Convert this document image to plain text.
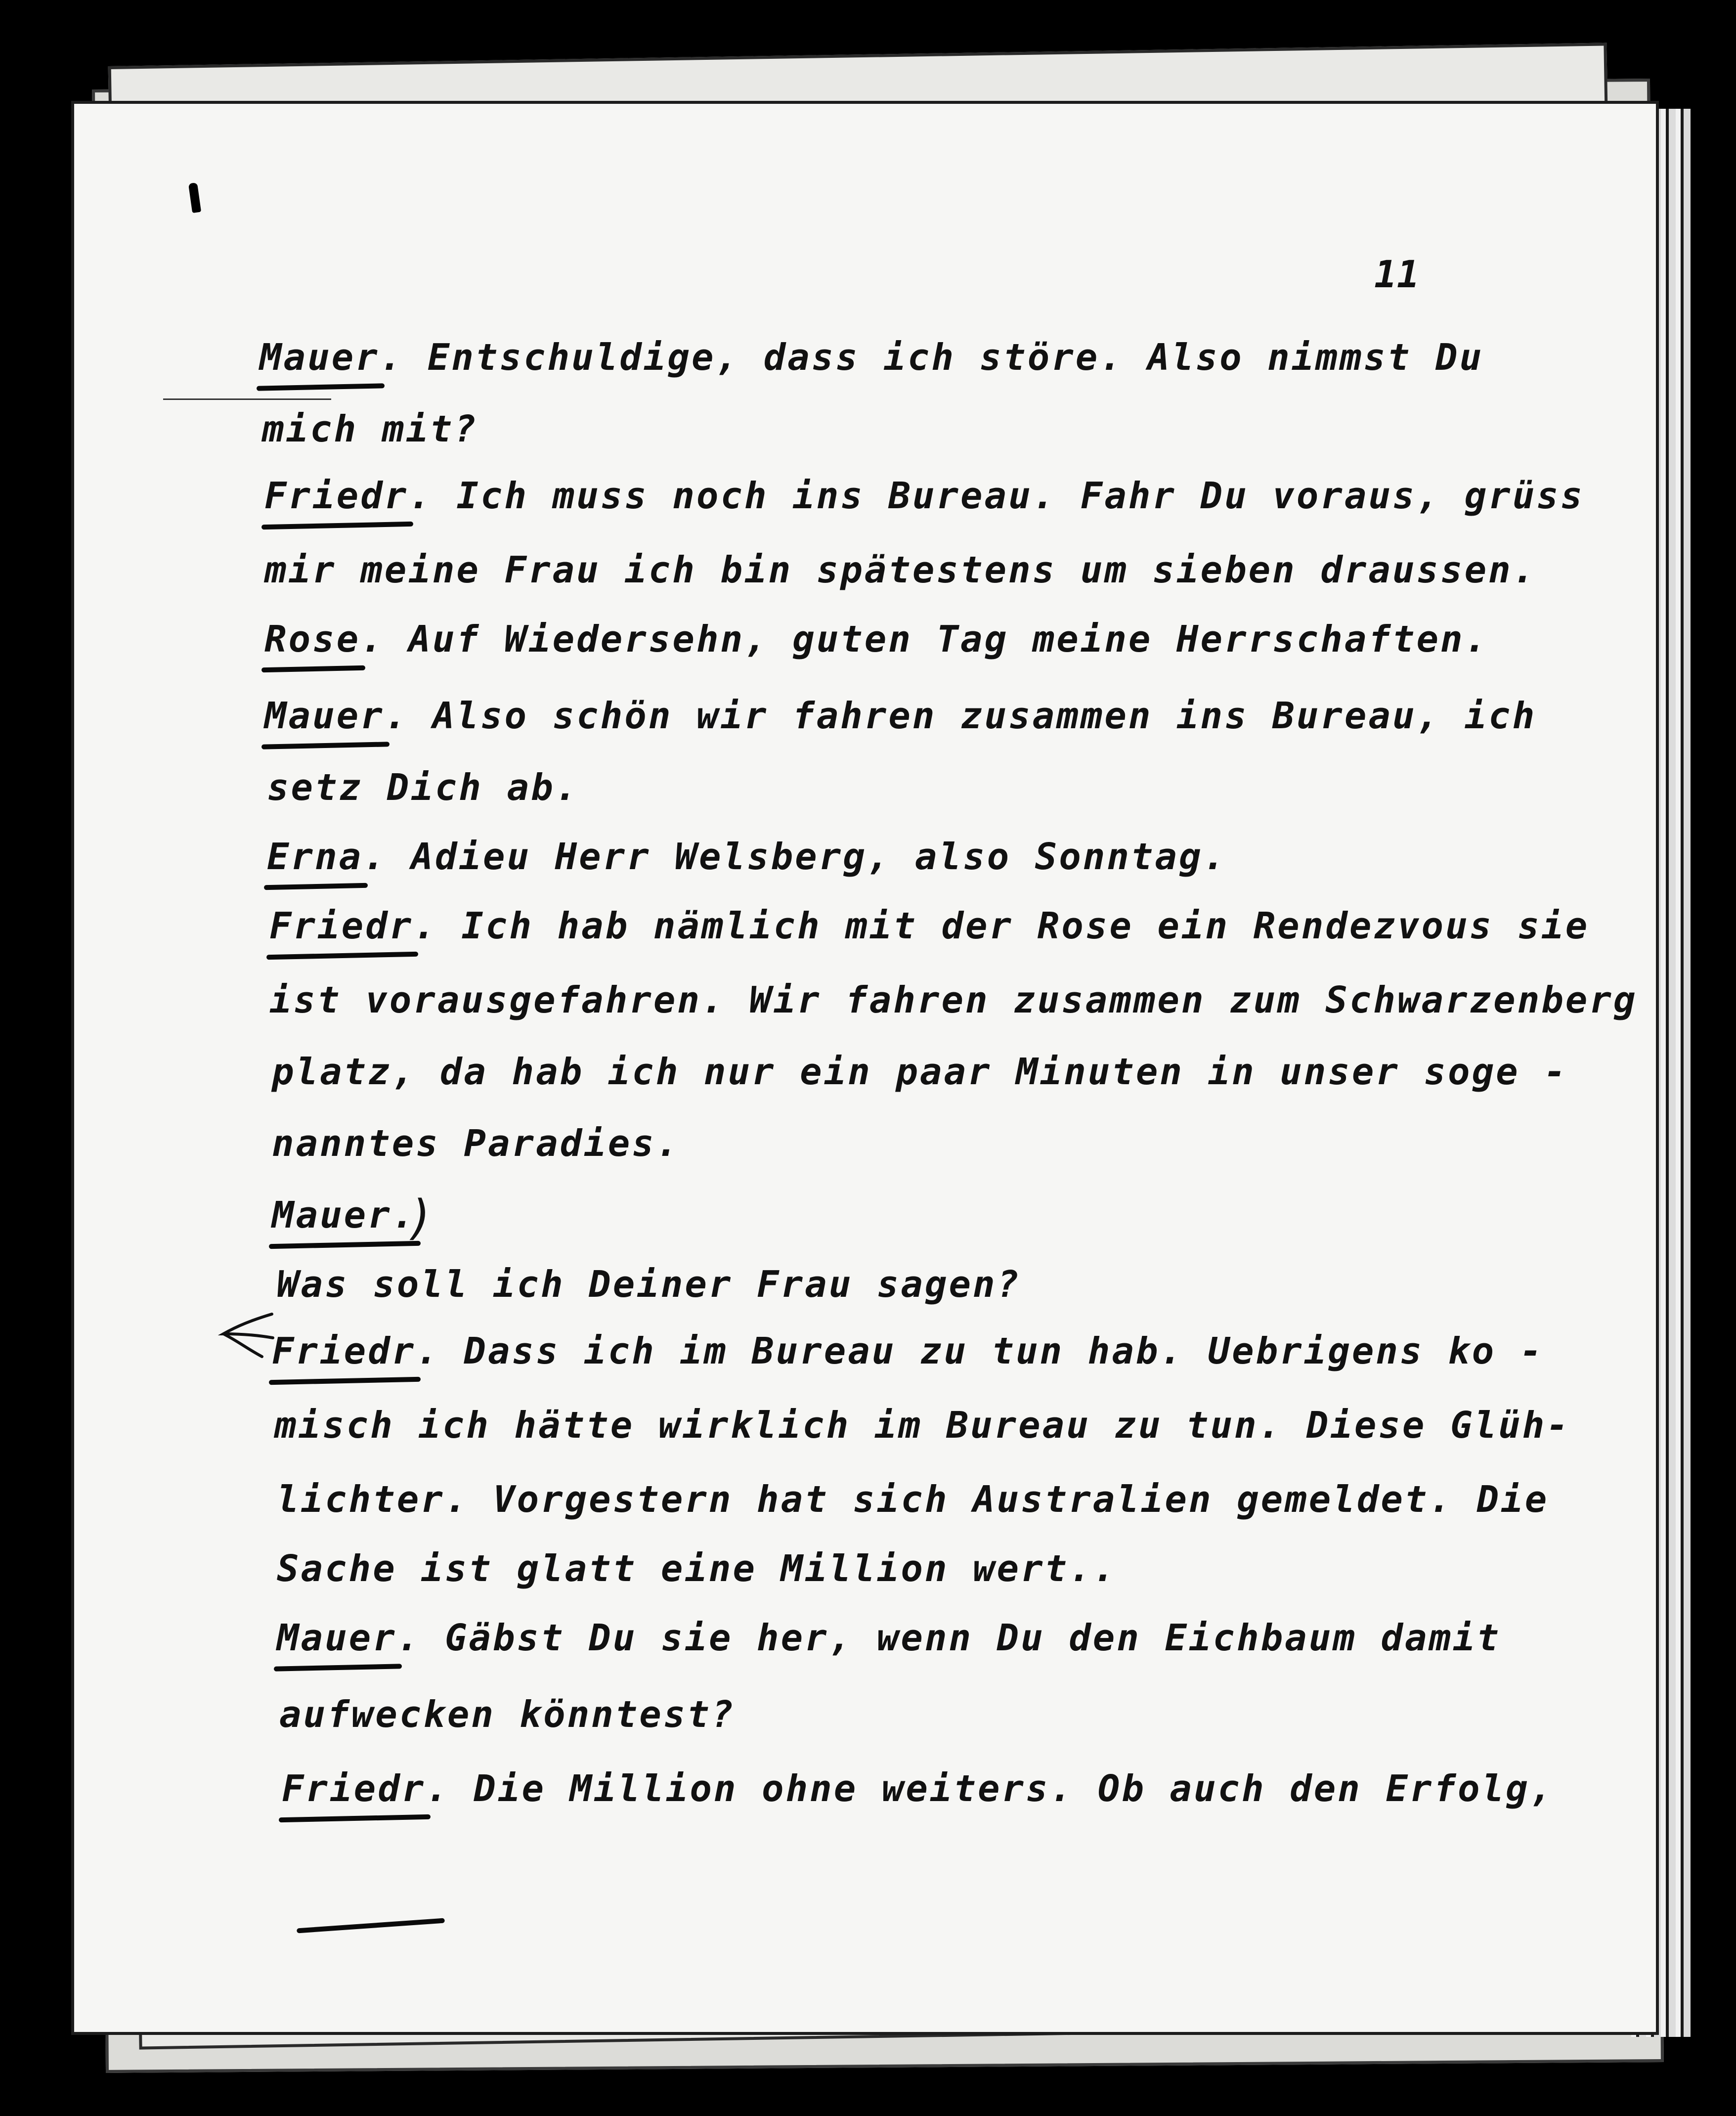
11
Mauer. Entschuldige, dass ich störe. Also nimmst Du
mich mit?
Friedr. Ich muss noch ins Bureau. Fahr Du voraus, grüss
mir meine Frau ich bin spätestens um sieben draussen.
Rose. Auf Wiedersehn, guten Tag meine Herrschaften.
Mauer. Also schön wir fahren zusammen ins Bureau, ich
setz Dich ab.
Erna. Adieu Herr Welsberg, also Sonntag.
Friedr. Ich hab nämlich mit der Rose ein Rendezvous sie
ist vorausgefahren. Wir fahren zusammen zum Schwarzenberg
platz, da hab ich nur ein paar Minuten in unser soge -
nanntes Paradies.
) Mauer.
Friedr. Dass ich im Bureau zu tun hab. Uebrigens ko -
misch ich hätte wirklich im Bureau zu tun. Diese Glüh-
lichter. Vorgestern hat sich Australien gemeldet. Die
Sache ist glatt eine Million wert..
Mauer. Gäbst Du sie her, wenn Du den Eichbaum damit
aufwecken könntest?
Friedr. Die Million ohne weiters. Ob auch den Erfolg,
Was soll ich Deiner Frau sagen?
